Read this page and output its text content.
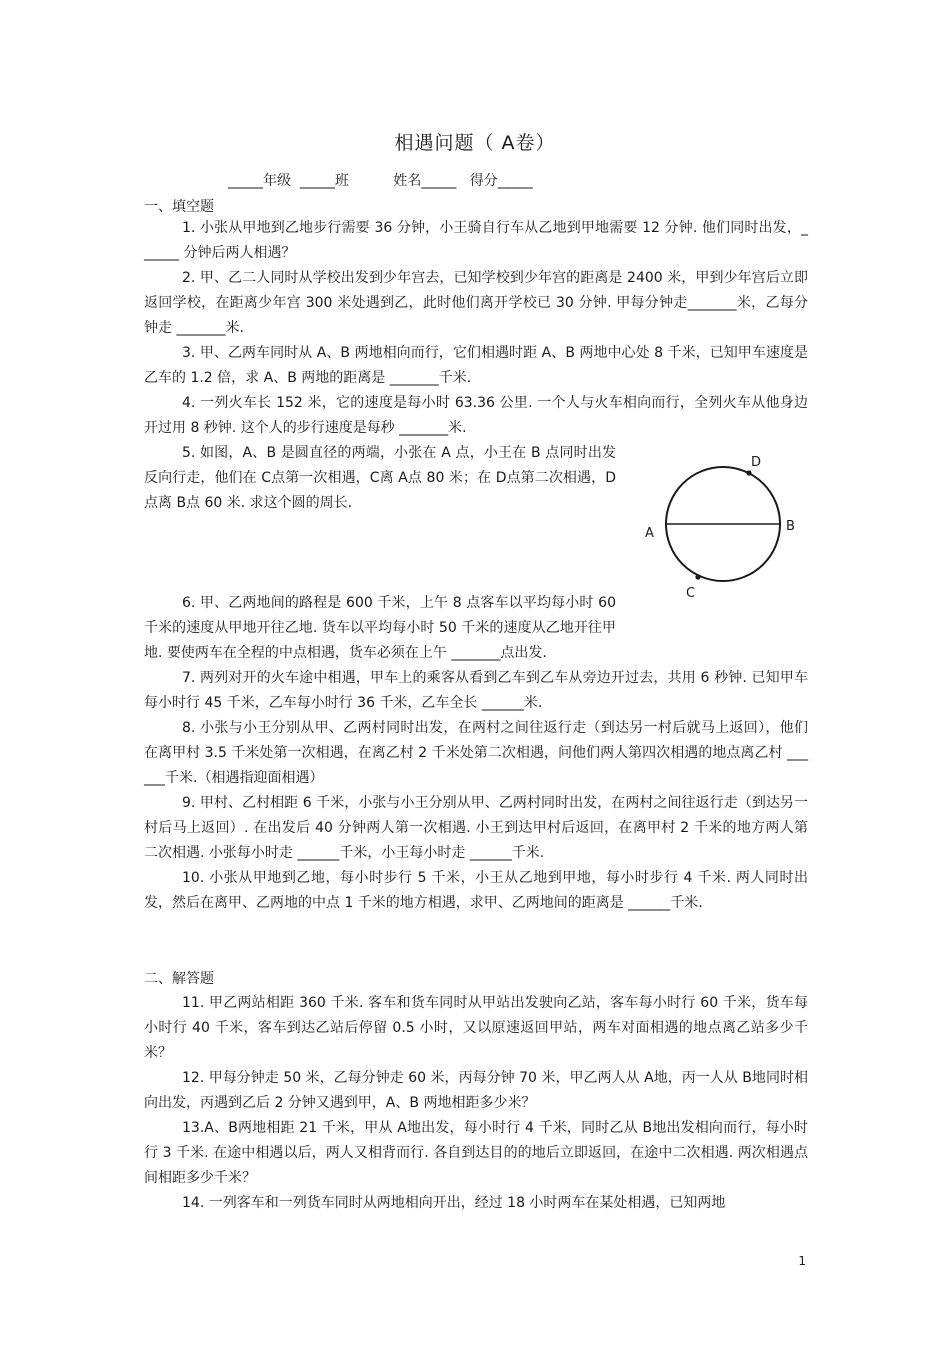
相遇问题（ A卷）
_____年级  _____班          姓名_____   得分_____
一、填空题
1. 小张从甲地到乙地步行需要 36 分钟，小王骑自行车从乙地到甲地需要 12 分钟. 他们同时出发，______ 分钟后两人相遇？
2. 甲、乙二人同时从学校出发到少年宫去，已知学校到少年宫的距离是 2400 米，甲到少年宫后立即返回学校，在距离少年宫 300 米处遇到乙，此时他们离开学校已 30 分钟. 甲每分钟走_______米，乙每分钟走 _______米.
3. 甲、乙两车同时从 A、B 两地相向而行，它们相遇时距 A、B 两地中心处 8 千米，已知甲车速度是乙车的 1.2 倍，求 A、B 两地的距离是 _______千米.
4. 一列火车长 152 米，它的速度是每小时 63.36 公里. 一个人与火车相向而行，全列火车从他身边开过用 8 秒钟. 这个人的步行速度是每秒 _______米.
5. 如图，A、B 是圆直径的两端，小张在 A 点，小王在 B 点同时出发反向行走，他们在 C点第一次相遇，C离 A点 80 米；在 D点第二次相遇，D点离 B点 60 米. 求这个圆的周长.
A	B
C
D
6. 甲、乙两地间的路程是 600 千米，上午 8 点客车以平均每小时 60 千米的速度从甲地开往乙地. 货车以平均每小时 50 千米的速度从乙地开往甲地. 要使两车在全程的中点相遇，货车必须在上午 _______点出发.
7. 两列对开的火车途中相遇，甲车上的乘客从看到乙车到乙车从旁边开过去，共用 6 秒钟. 已知甲车每小时行 45 千米，乙车每小时行 36 千米，乙车全长 ______米.
8. 小张与小王分别从甲、乙两村同时出发，在两村之间往返行走（到达另一村后就马上返回），他们在离甲村 3.5 千米处第一次相遇，在离乙村 2 千米处第二次相遇，问他们两人第四次相遇的地点离乙村 ______千米.（相遇指迎面相遇）
9. 甲村、乙村相距 6 千米，小张与小王分别从甲、乙两村同时出发，在两村之间往返行走（到达另一村后马上返回）. 在出发后 40 分钟两人第一次相遇. 小王到达甲村后返回，在离甲村 2 千米的地方两人第二次相遇. 小张每小时走 ______千米，小王每小时走 ______千米.
10. 小张从甲地到乙地，每小时步行 5 千米，小王从乙地到甲地，每小时步行 4 千米. 两人同时出发，然后在离甲、乙两地的中点 1 千米的地方相遇，求甲、乙两地间的距离是 ______千米.
二、解答题
11. 甲乙两站相距 360 千米. 客车和货车同时从甲站出发驶向乙站，客车每小时行 60 千米，货车每小时行 40 千米，客车到达乙站后停留 0.5 小时，又以原速返回甲站，两车对面相遇的地点离乙站多少千米？
12. 甲每分钟走 50 米，乙每分钟走 60 米，丙每分钟 70 米，甲乙两人从 A地，丙一人从 B地同时相向出发，丙遇到乙后 2 分钟又遇到甲，A、B 两地相距多少米？
13.A、B两地相距 21 千米，甲从 A地出发，每小时行 4 千米，同时乙从 B地出发相向而行，每小时行 3 千米. 在途中相遇以后，两人又相背而行. 各自到达目的的地后立即返回，在途中二次相遇. 两次相遇点间相距多少千米？
14. 一列客车和一列货车同时从两地相向开出，经过 18 小时两车在某处相遇，已知两地
1
